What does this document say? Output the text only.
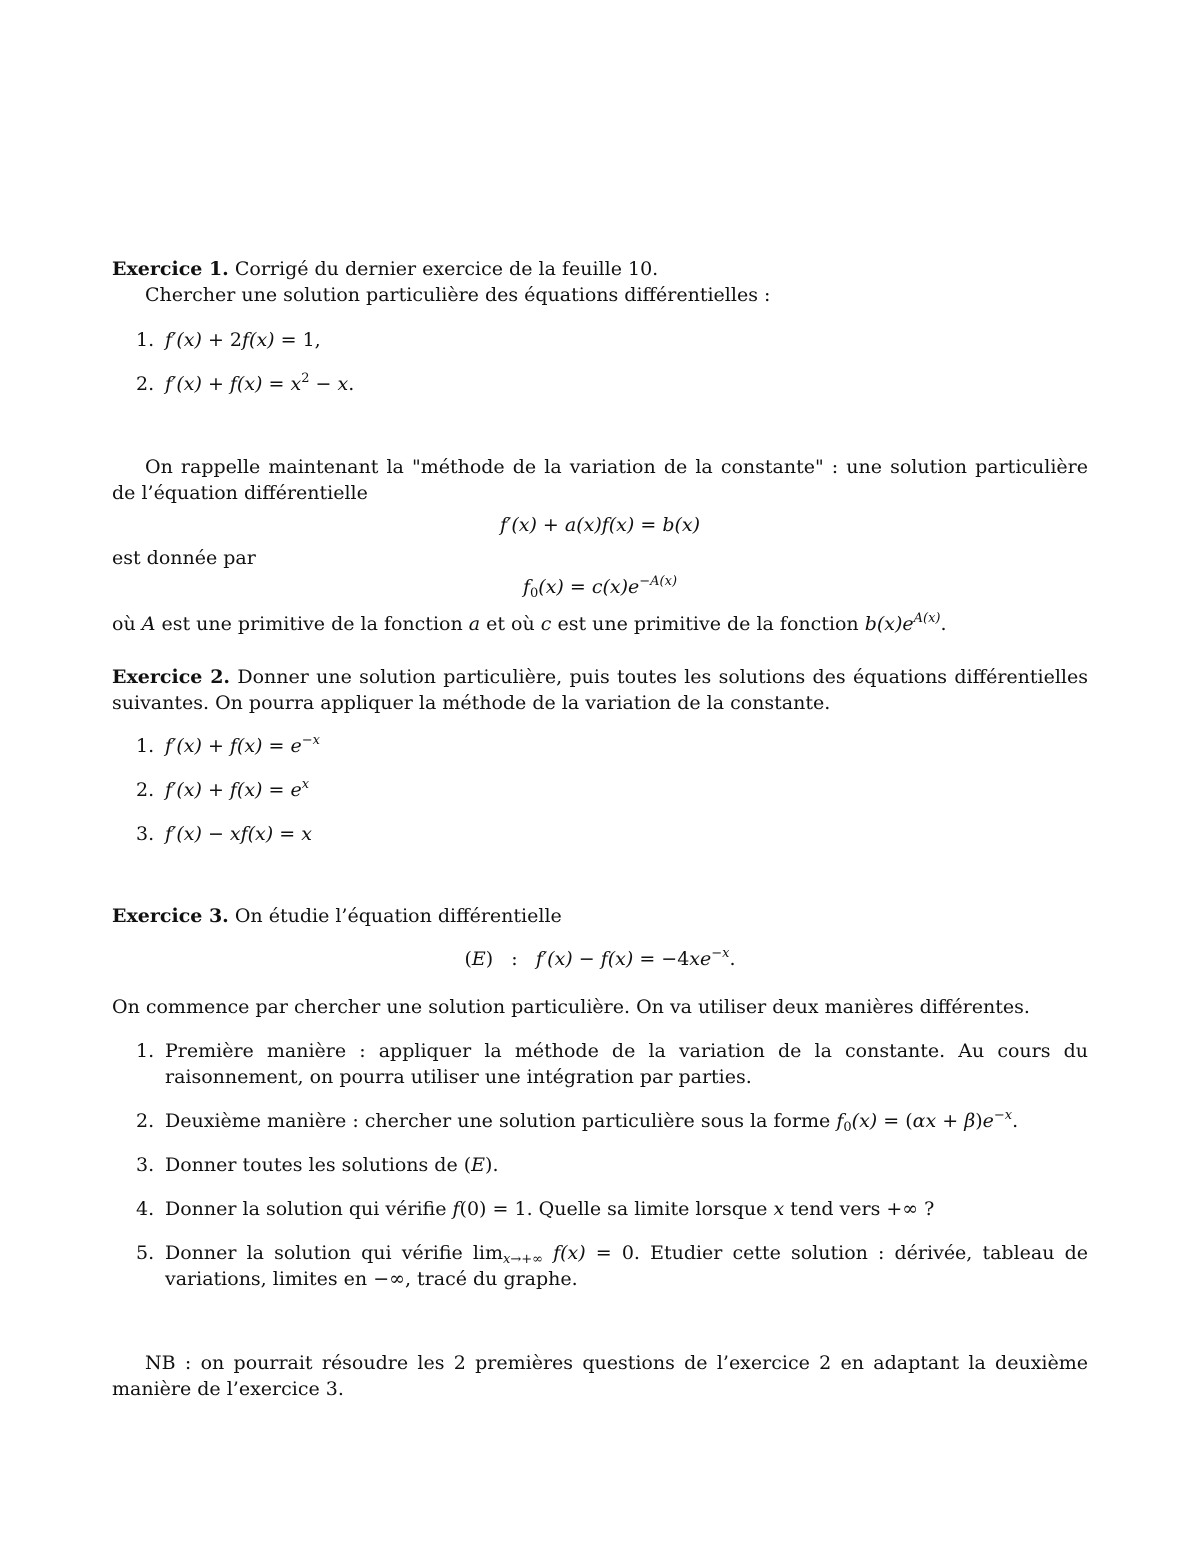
Exercice 1. Corrigé du dernier exercice de la feuille 10.

Chercher une solution particulière des équations différentielles :

1. f′(x) + 2f(x) = 1,
2. $f'(x) + f(x) = x^2 - x$.

On rappelle maintenant la "méthode de la variation de la constante" : une solution particulière de l’équation différentielle

f′(x) + a(x)f(x) = b(x)

est donnée par

$f_0(x) = c(x)e^{-A(x)}$

où A est une primitive de la fonction a et où c est une primitive de la fonction $b(x)e^{A(x)}$.

Exercice 2. Donner une solution particulière, puis toutes les solutions des équations différentielles suivantes. On pourra appliquer la méthode de la variation de la constante.

1. $f'(x) + f(x) = e^{-x}$
2. $f'(x) + f(x) = e^x$
3. f′(x) − xf(x) = x

Exercice 3. On étudie l’équation différentielle

(E) :   $f'(x) - f(x) = -4xe^{-x}$.

On commence par chercher une solution particulière. On va utiliser deux manières différentes.

1. Première manière : appliquer la méthode de la variation de la constante. Au cours du raisonnement, on pourra utiliser une intégration par parties.
2. Deuxième manière : chercher une solution particulière sous la forme $f_0(x) = (\alpha x + \beta)e^{-x}$.
3. Donner toutes les solutions de (E).
4. Donner la solution qui vérifie f(0) = 1. Quelle sa limite lorsque x tend vers +∞ ?
5. Donner la solution qui vérifie $\lim_{x\to+\infty} f(x) = 0$. Etudier cette solution : dérivée, tableau de variations, limites en −∞, tracé du graphe.

NB : on pourrait résoudre les 2 premières questions de l’exercice 2 en adaptant la deuxième manière de l’exercice 3.
